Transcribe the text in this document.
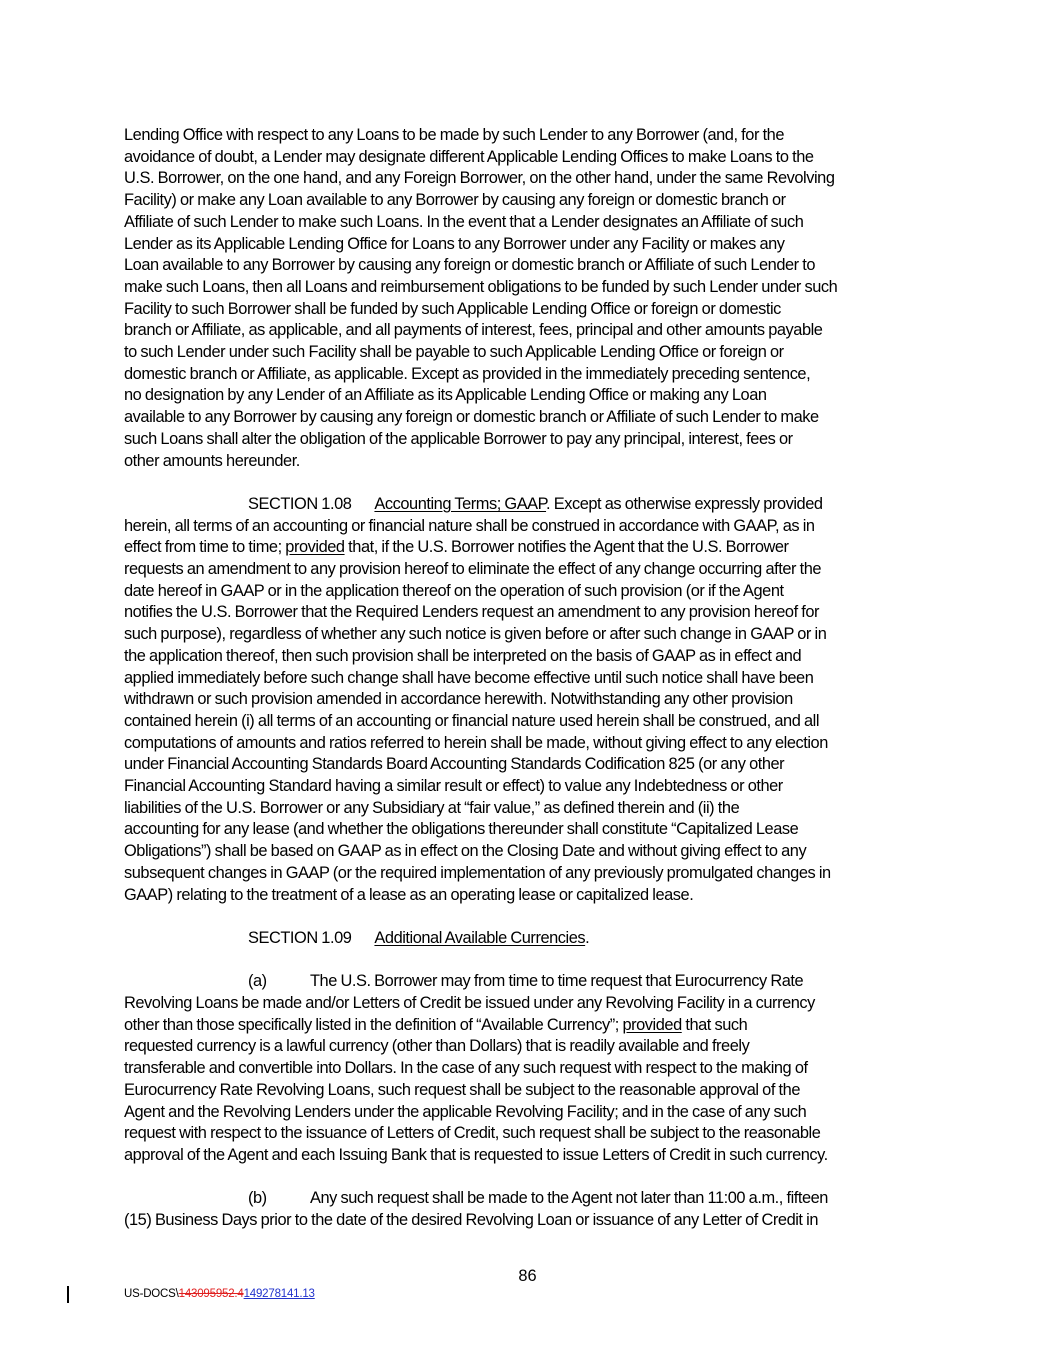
Lending Office with respect to any Loans to be made by such Lender to any Borrower (and, for the

avoidance of doubt, a Lender may designate different Applicable Lending Offices to make Loans to the

U.S. Borrower, on the one hand, and any Foreign Borrower, on the other hand, under the same Revolving

Facility) or make any Loan available to any Borrower by causing any foreign or domestic branch or

Affiliate of such Lender to make such Loans. In the event that a Lender designates an Affiliate of such

Lender as its Applicable Lending Office for Loans to any Borrower under any Facility or makes any

Loan available to any Borrower by causing any foreign or domestic branch or Affiliate of such Lender to

make such Loans, then all Loans and reimbursement obligations to be funded by such Lender under such

Facility to such Borrower shall be funded by such Applicable Lending Office or foreign or domestic

branch or Affiliate, as applicable, and all payments of interest, fees, principal and other amounts payable

to such Lender under such Facility shall be payable to such Applicable Lending Office or foreign or

domestic branch or Affiliate, as applicable. Except as provided in the immediately preceding sentence,

no designation by any Lender of an Affiliate as its Applicable Lending Office or making any Loan

available to any Borrower by causing any foreign or domestic branch or Affiliate of such Lender to make

such Loans shall alter the obligation of the applicable Borrower to pay any principal, interest, fees or

other amounts hereunder.

SECTION 1.08 Accounting Terms; GAAP. Except as otherwise expressly provided

herein, all terms of an accounting or financial nature shall be construed in accordance with GAAP, as in

effect from time to time; provided that, if the U.S. Borrower notifies the Agent that the U.S. Borrower

requests an amendment to any provision hereof to eliminate the effect of any change occurring after the

date hereof in GAAP or in the application thereof on the operation of such provision (or if the Agent

notifies the U.S. Borrower that the Required Lenders request an amendment to any provision hereof for

such purpose), regardless of whether any such notice is given before or after such change in GAAP or in

the application thereof, then such provision shall be interpreted on the basis of GAAP as in effect and

applied immediately before such change shall have become effective until such notice shall have been

withdrawn or such provision amended in accordance herewith. Notwithstanding any other provision

contained herein (i) all terms of an accounting or financial nature used herein shall be construed, and all

computations of amounts and ratios referred to herein shall be made, without giving effect to any election

under Financial Accounting Standards Board Accounting Standards Codification 825 (or any other

Financial Accounting Standard having a similar result or effect) to value any Indebtedness or other

liabilities of the U.S. Borrower or any Subsidiary at “fair value,” as defined therein and (ii) the

accounting for any lease (and whether the obligations thereunder shall constitute “Capitalized Lease

Obligations”) shall be based on GAAP as in effect on the Closing Date and without giving effect to any

subsequent changes in GAAP (or the required implementation of any previously promulgated changes in

GAAP) relating to the treatment of a lease as an operating lease or capitalized lease.

SECTION 1.09 Additional Available Currencies.

(a)	The U.S. Borrower may from time to time request that Eurocurrency Rate

Revolving Loans be made and/or Letters of Credit be issued under any Revolving Facility in a currency

other than those specifically listed in the definition of “Available Currency”; provided that such

requested currency is a lawful currency (other than Dollars) that is readily available and freely

transferable and convertible into Dollars. In the case of any such request with respect to the making of

Eurocurrency Rate Revolving Loans, such request shall be subject to the reasonable approval of the

Agent and the Revolving Lenders under the applicable Revolving Facility; and in the case of any such

request with respect to the issuance of Letters of Credit, such request shall be subject to the reasonable

approval of the Agent and each Issuing Bank that is requested to issue Letters of Credit in such currency.

(b)	Any such request shall be made to the Agent not later than 11:00 a.m., fifteen

(15) Business Days prior to the date of the desired Revolving Loan or issuance of any Letter of Credit in

86
US-DOCS\143095952.4149278141.13
